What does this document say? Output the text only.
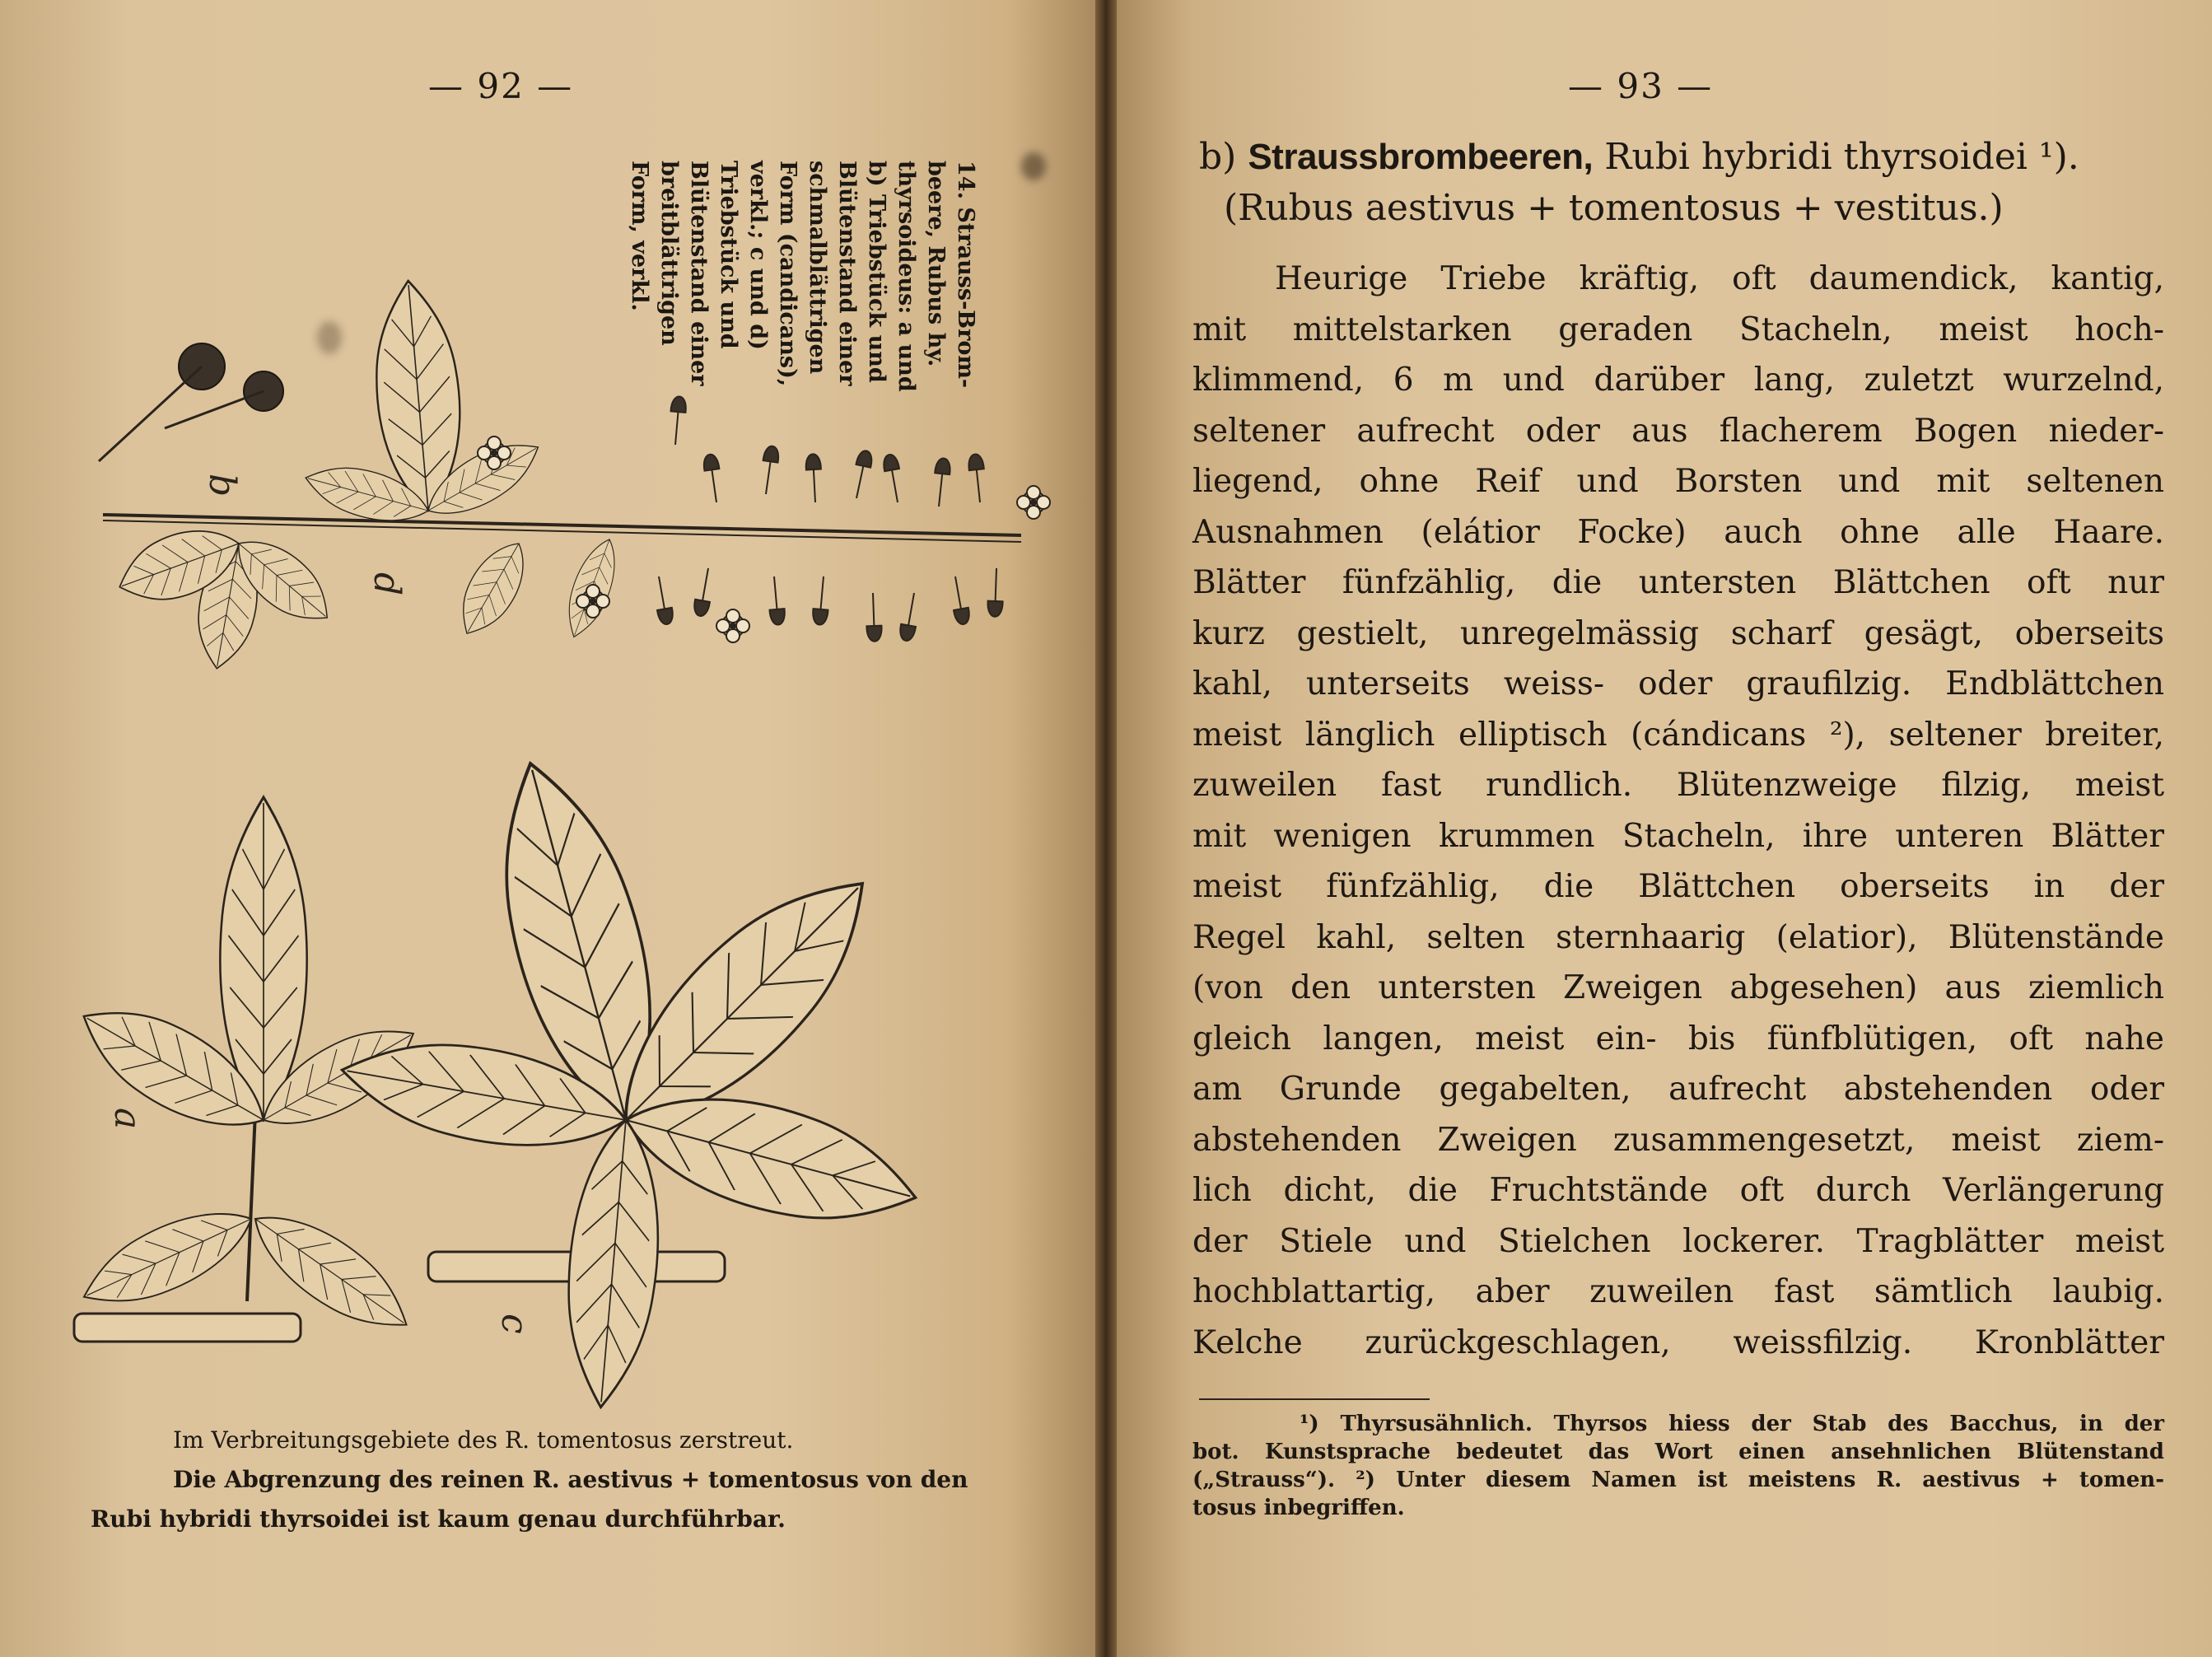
— 92 —
b
d
a
c
14. Strauss-Brom-
beere, Rubus hy.
thyrsoideus: a und
b) Triebstück und
Blütenstand einer
schmalblättrigen
Form (candicans),
verkl.; c und d)
Triebstück und
Blütenstand einer
breitblättrigen
Form, verkl.
Im Verbreitungsgebiete des R. tomentosus zerstreut.
Die Abgrenzung des reinen R. aestivus + tomentosus von den
Rubi hybridi thyrsoidei ist kaum genau durchführbar.
— 93 —
b) Straussbrombeeren, Rubi hybridi thyrsoidei ¹).
(Rubus aestivus + tomentosus + vestitus.)
Heurige Triebe kräftig, oft daumendick, kantig,
mit mittelstarken geraden Stacheln, meist hoch-
klimmend, 6 m und darüber lang, zuletzt wurzelnd,
seltener aufrecht oder aus flacherem Bogen nieder-
liegend, ohne Reif und Borsten und mit seltenen
Ausnahmen (elátior Focke) auch ohne alle Haare.
Blätter fünfzählig, die untersten Blättchen oft nur
kurz gestielt, unregelmässig scharf gesägt, oberseits
kahl, unterseits weiss- oder graufilzig. Endblättchen
meist länglich elliptisch (cándicans ²), seltener breiter,
zuweilen fast rundlich. Blütenzweige filzig, meist
mit wenigen krummen Stacheln, ihre unteren Blätter
meist fünfzählig, die Blättchen oberseits in der
Regel kahl, selten sternhaarig (elatior), Blütenstände
(von den untersten Zweigen abgesehen) aus ziemlich
gleich langen, meist ein- bis fünfblütigen, oft nahe
am Grunde gegabelten, aufrecht abstehenden oder
abstehenden Zweigen zusammengesetzt, meist ziem-
lich dicht, die Fruchtstände oft durch Verlängerung
der Stiele und Stielchen lockerer. Tragblätter meist
hochblattartig, aber zuweilen fast sämtlich laubig.
Kelche zurückgeschlagen, weissfilzig. Kronblätter
¹) Thyrsusähnlich. Thyrsos hiess der Stab des Bacchus, in der
bot. Kunstsprache bedeutet das Wort einen ansehnlichen Blütenstand
(„Strauss“). ²) Unter diesem Namen ist meistens R. aestivus + tomen-
tosus inbegriffen.
